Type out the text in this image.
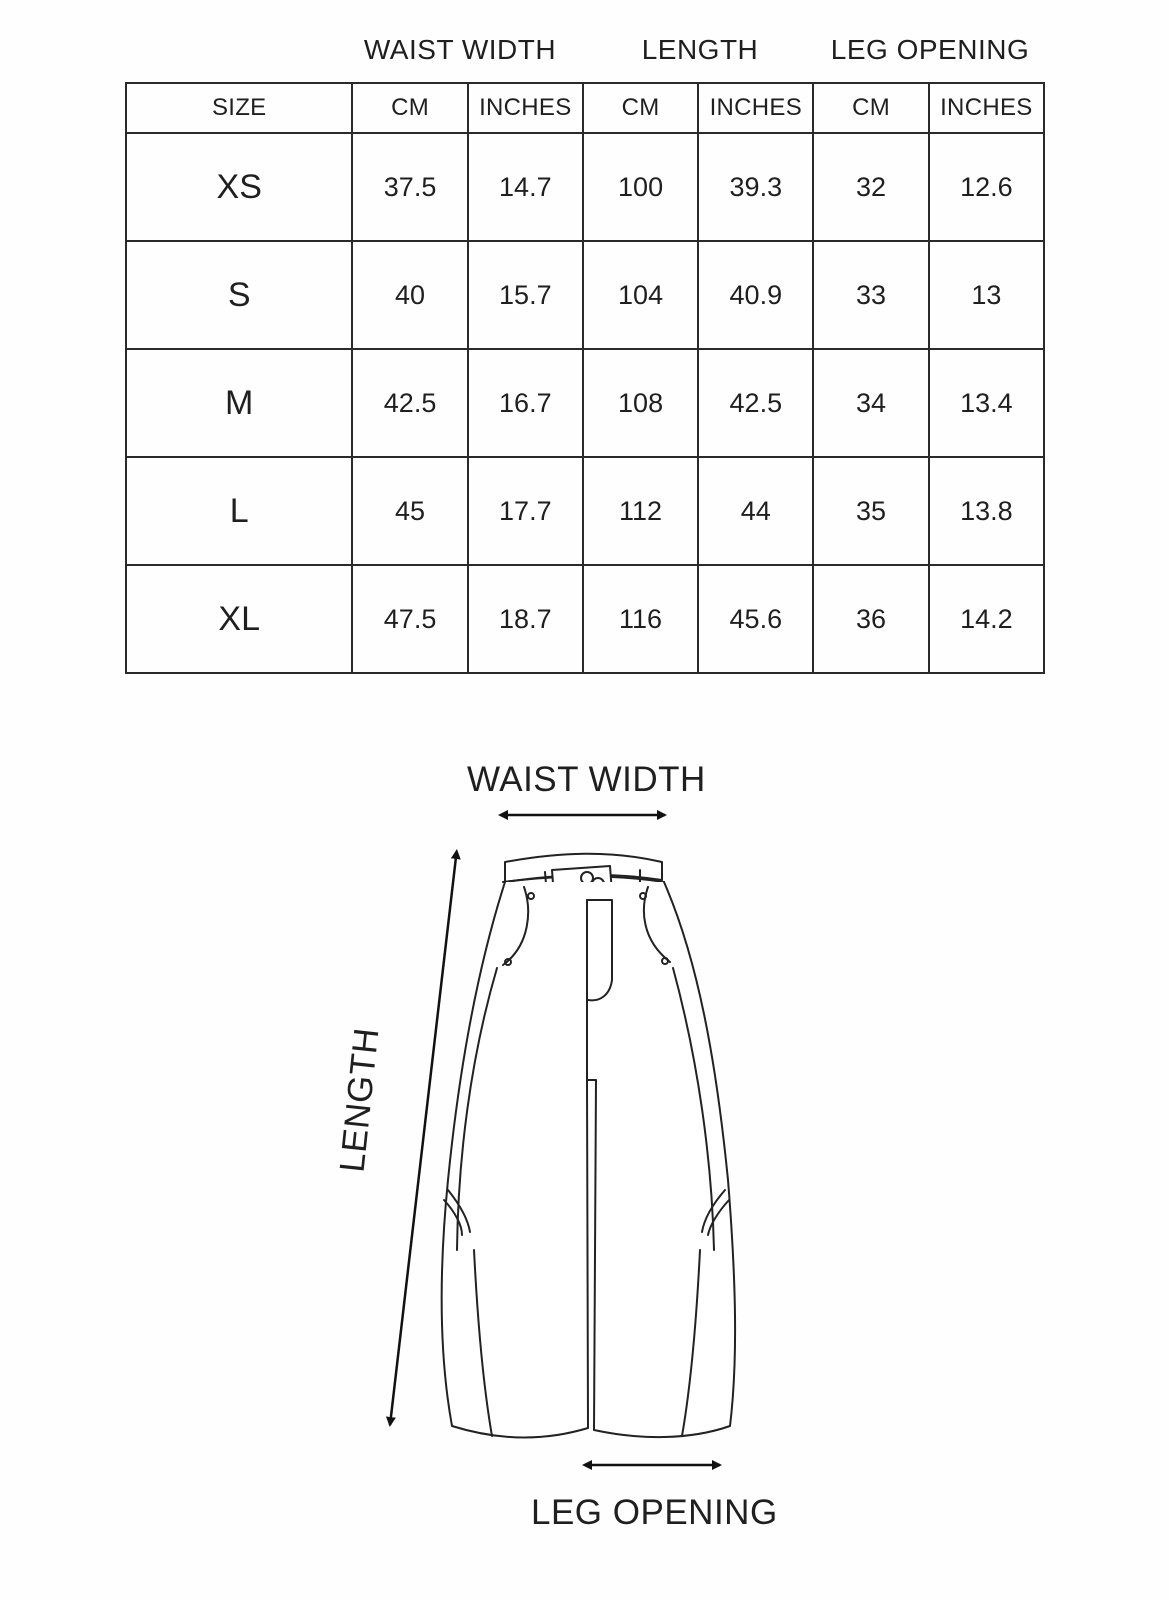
WAIST WIDTH	LENGTH	LEG OPENING
SIZE	CM	INCHES	CM	INCHES	CM	INCHES
XS	37.5	14.7	100	39.3	32	12.6
S	40	15.7	104	40.9	33	13
M	42.5	16.7	108	42.5	34	13.4
L	45	17.7	112	44	35	13.8
XL	47.5	18.7	116	45.6	36	14.2
WAIST WIDTH
LENGTH
LEG OPENING
